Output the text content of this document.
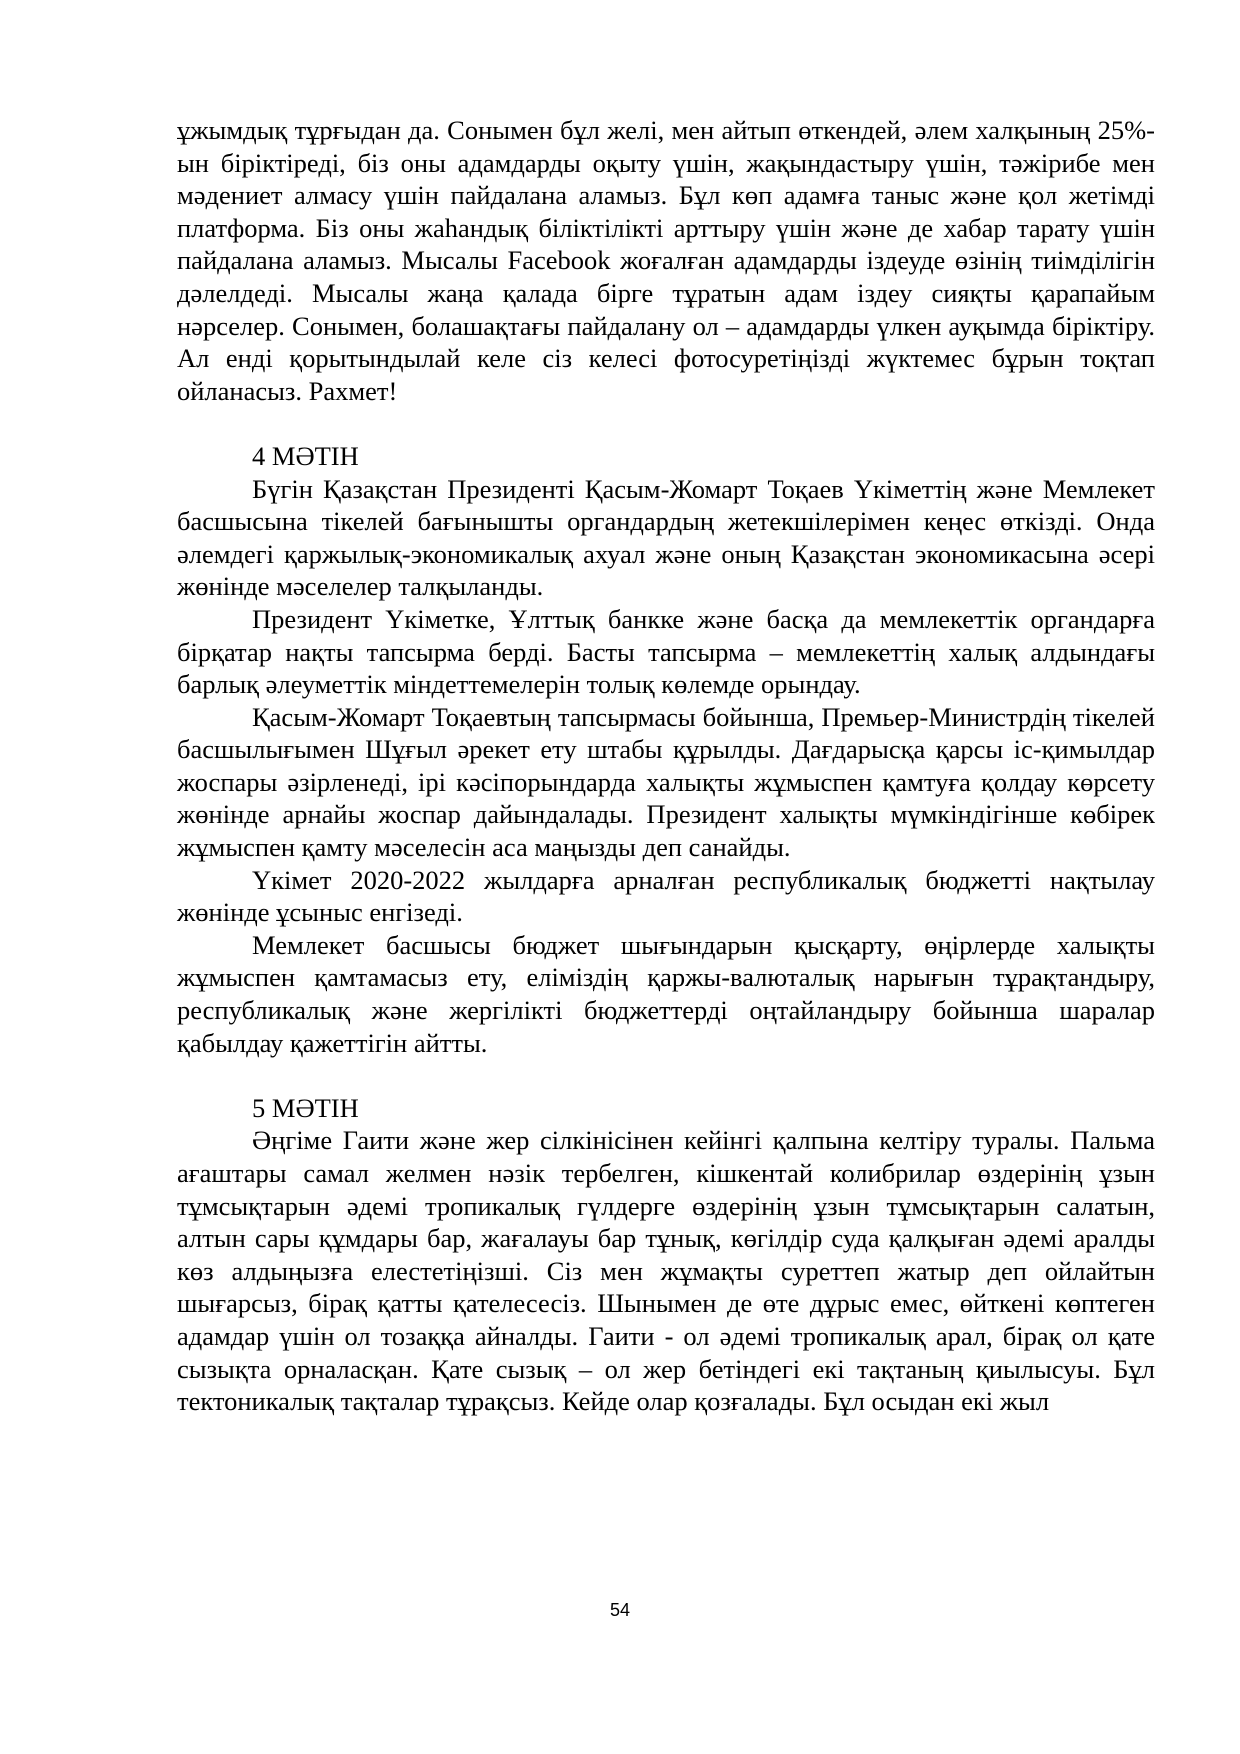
ұжымдық тұрғыдан да. Сонымен бұл желі, мен айтып өткендей, әлем халқының 25%-ын біріктіреді, біз оны адамдарды оқыту үшін, жақындастыру үшін, тәжірибе мен мәдениет алмасу үшін пайдалана аламыз. Бұл көп адамға таныс және қол жетімді платформа. Біз оны жаһандық біліктілікті арттыру үшін және де хабар тарату үшін пайдалана аламыз. Мысалы Facebook жоғалған адамдарды іздеуде өзінің тиімділігін дәлелдеді. Мысалы жаңа қалада бірге тұратын адам іздеу сияқты қарапайым нәрселер. Сонымен, болашақтағы пайдалану ол – адамдарды үлкен ауқымда біріктіру. Ал енді қорытындылай келе сіз келесі фотосуретіңізді жүктемес бұрын тоқтап ойланасыз. Рахмет!

4 МӘТІН

Бүгін Қазақстан Президенті Қасым-Жомарт Тоқаев Үкіметтің және Мемлекет басшысына тікелей бағынышты органдардың жетекшілерімен кеңес өткізді. Онда әлемдегі қаржылық-экономикалық ахуал және оның Қазақстан экономикасына әсері жөнінде мәселелер талқыланды.

Президент Үкіметке, Ұлттық банкке және басқа да мемлекеттік органдарға бірқатар нақты тапсырма берді. Басты тапсырма – мемлекеттің халық алдындағы барлық әлеуметтік міндеттемелерін толық көлемде орындау.

Қасым-Жомарт Тоқаевтың тапсырмасы бойынша, Премьер-Министрдің тікелей басшылығымен Шұғыл әрекет ету штабы құрылды. Дағдарысқа қарсы іс-қимылдар жоспары әзірленеді, ірі кәсіпорындарда халықты жұмыспен қамтуға қолдау көрсету жөнінде арнайы жоспар дайындалады. Президент халықты мүмкіндігінше көбірек жұмыспен қамту мәселесін аса маңызды деп санайды.

Үкімет 2020-2022 жылдарға арналған республикалық бюджетті нақтылау жөнінде ұсыныс енгізеді.

Мемлекет басшысы бюджет шығындарын қысқарту, өңірлерде халықты жұмыспен қамтамасыз ету, еліміздің қаржы-валюталық нарығын тұрақтандыру, республикалық және жергілікті бюджеттерді оңтайландыру бойынша шаралар қабылдау қажеттігін айтты.

5 МӘТІН

Әңгіме Гаити және жер сілкінісінен кейінгі қалпына келтіру туралы. Пальма ағаштары самал желмен нәзік тербелген, кішкентай колибрилар өздерінің ұзын тұмсықтарын әдемі тропикалық гүлдерге өздерінің ұзын тұмсықтарын салатын, алтын сары құмдары бар, жағалауы бар тұнық, көгілдір суда қалқыған әдемі аралды көз алдыңызға елестетіңізші. Сіз мен жұмақты суреттеп жатыр деп ойлайтын шығарсыз, бірақ қатты қателесесіз. Шынымен де өте дұрыс емес, өйткені көптеген адамдар үшін ол тозаққа айналды. Гаити - ол әдемі тропикалық арал, бірақ ол қате сызықта орналасқан. Қате сызық – ол жер бетіндегі екі тақтаның қиылысуы. Бұл тектоникалық тақталар тұрақсыз. Кейде олар қозғалады. Бұл осыдан екі жыл

54
